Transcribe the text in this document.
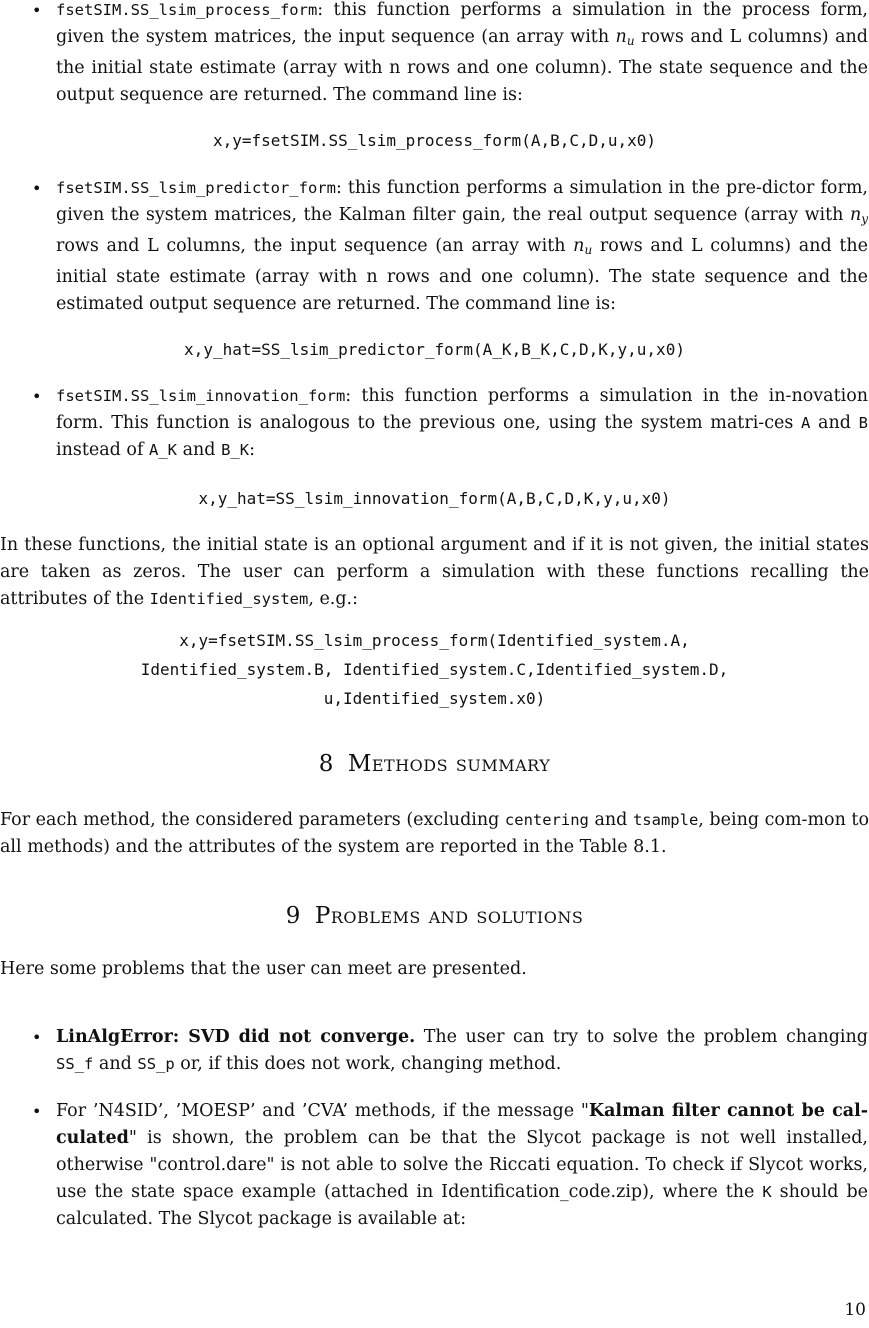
• fsetSIM.SS_lsim_process_form: this function performs a simulation in the process form, given the system matrices, the input sequence (an array with $n_u$ rows and L columns) and the initial state estimate (array with n rows and one column). The state sequence and the output sequence are returned. The command line is:
x,y=fsetSIM.SS_lsim_process_form(A,B,C,D,u,x0)
• fsetSIM.SS_lsim_predictor_form: this function performs a simulation in the pre-dictor form, given the system matrices, the Kalman filter gain, the real output sequence (array with $n_y$ rows and L columns, the input sequence (an array with $n_u$ rows and L columns) and the initial state estimate (array with n rows and one column). The state sequence and the estimated output sequence are returned. The command line is:
x,y_hat=SS_lsim_predictor_form(A_K,B_K,C,D,K,y,u,x0)
• fsetSIM.SS_lsim_innovation_form: this function performs a simulation in the in-novation form. This function is analogous to the previous one, using the system matri-ces A and B instead of A_K and B_K:
x,y_hat=SS_lsim_innovation_form(A,B,C,D,K,y,u,x0)
In these functions, the initial state is an optional argument and if it is not given, the initial states are taken as zeros. The user can perform a simulation with these functions recalling the attributes of the Identified_system, e.g.:
x,y=fsetSIM.SS_lsim_process_form(Identified_system.A,
Identified_system.B, Identified_system.C,Identified_system.D,
u,Identified_system.x0)
8 Methods summary
For each method, the considered parameters (excluding centering and tsample, being com-mon to all methods) and the attributes of the system are reported in the Table 8.1.
9 Problems and solutions
Here some problems that the user can meet are presented.
• LinAlgError: SVD did not converge. The user can try to solve the problem changing SS_f and SS_p or, if this does not work, changing method.
• For ’N4SID’, ’MOESP’ and ’CVA’ methods, if the message "Kalman filter cannot be cal-culated" is shown, the problem can be that the Slycot package is not well installed, otherwise "control.dare" is not able to solve the Riccati equation. To check if Slycot works, use the state space example (attached in Identification_code.zip), where the K should be calculated. The Slycot package is available at:
10
